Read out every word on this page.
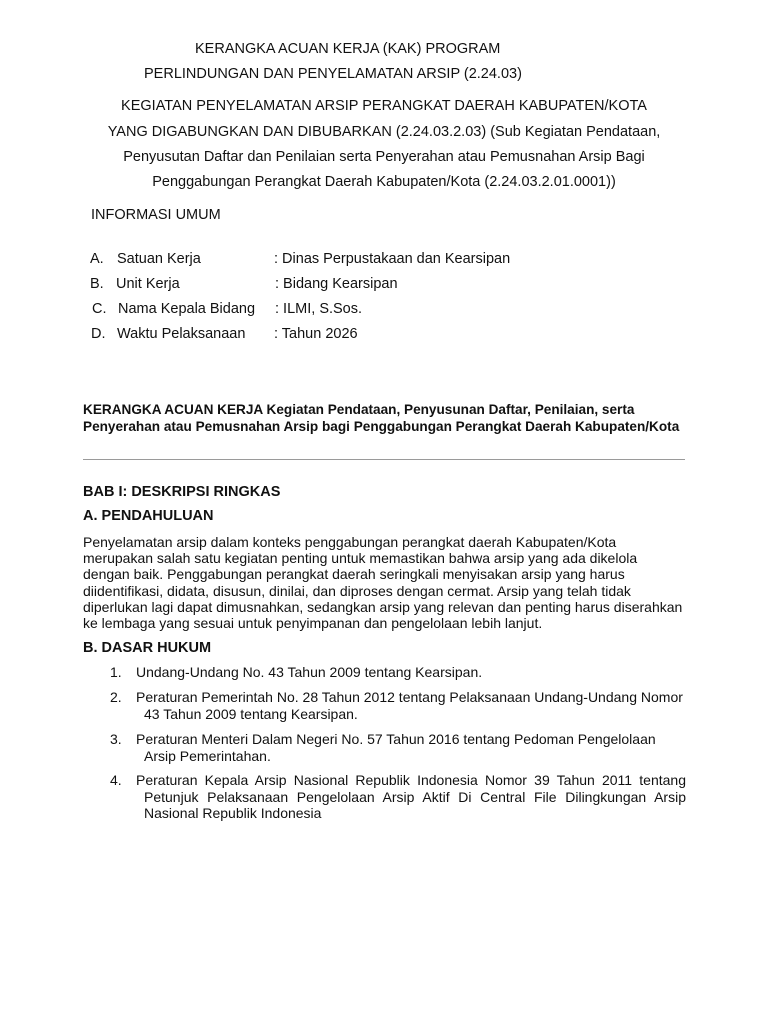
KERANGKA ACUAN KERJA (KAK) PROGRAM
PERLINDUNGAN DAN PENYELAMATAN ARSIP (2.24.03)
KEGIATAN PENYELAMATAN ARSIP PERANGKAT DAERAH KABUPATEN/KOTA
YANG DIGABUNGKAN DAN DIBUBARKAN (2.24.03.2.03) (Sub Kegiatan Pendataan,
Penyusutan Daftar dan Penilaian serta Penyerahan atau Pemusnahan Arsip Bagi
Penggabungan Perangkat Daerah Kabupaten/Kota (2.24.03.2.01.0001))
INFORMASI UMUM
A. Satuan Kerja	: Dinas Perpustakaan dan Kearsipan
B. Unit Kerja	: Bidang Kearsipan
C. Nama Kepala Bidang : ILMI, S.Sos.
D. Waktu Pelaksanaan : Tahun 2026
KERANGKA ACUAN KERJA Kegiatan Pendataan, Penyusunan Daftar, Penilaian, serta Penyerahan atau Pemusnahan Arsip bagi Penggabungan Perangkat Daerah Kabupaten/Kota
BAB I: DESKRIPSI RINGKAS
A. PENDAHULUAN
Penyelamatan arsip dalam konteks penggabungan perangkat daerah Kabupaten/Kota merupakan salah satu kegiatan penting untuk memastikan bahwa arsip yang ada dikelola dengan baik. Penggabungan perangkat daerah seringkali menyisakan arsip yang harus diidentifikasi, didata, disusun, dinilai, dan diproses dengan cermat. Arsip yang telah tidak diperlukan lagi dapat dimusnahkan, sedangkan arsip yang relevan dan penting harus diserahkan ke lembaga yang sesuai untuk penyimpanan dan pengelolaan lebih lanjut.
B. DASAR HUKUM
1.	Undang-Undang No. 43 Tahun 2009 tentang Kearsipan.
2.	Peraturan Pemerintah No. 28 Tahun 2012 tentang Pelaksanaan Undang-Undang Nomor 43 Tahun 2009 tentang Kearsipan.
3.	Peraturan Menteri Dalam Negeri No. 57 Tahun 2016 tentang Pedoman Pengelolaan Arsip Pemerintahan.
4.	Peraturan Kepala Arsip Nasional Republik Indonesia Nomor 39 Tahun 2011 tentang Petunjuk Pelaksanaan Pengelolaan Arsip Aktif Di Central File Dilingkungan Arsip Nasional Republik Indonesia
